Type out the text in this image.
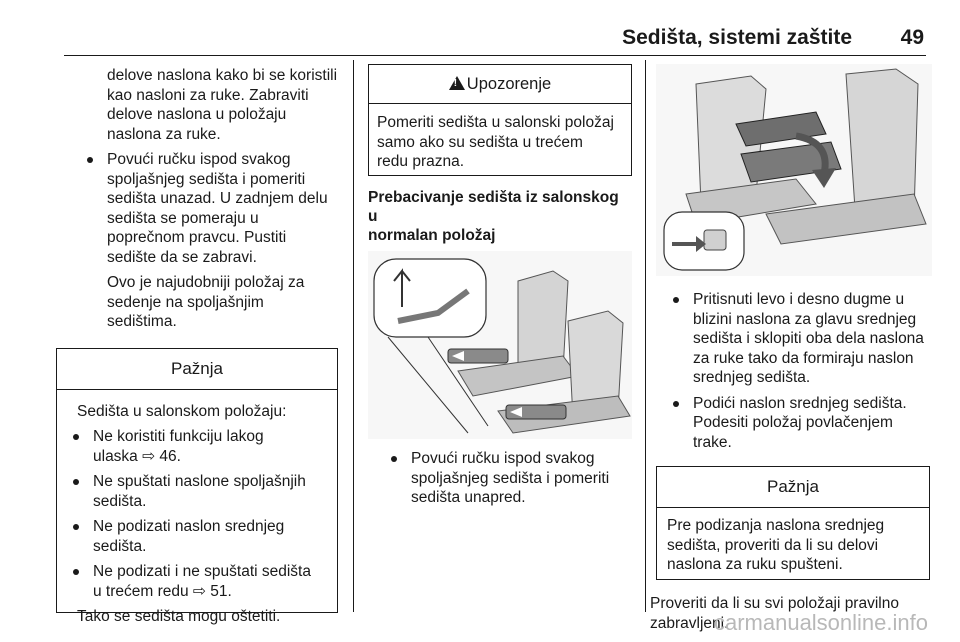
Sedišta, sistemi zaštite 49
delove naslona kako bi se koristili
kao nasloni za ruke. Zabraviti
delove naslona u položaju
naslona za ruke.
Povući ručku ispod svakog
spoljašnjeg sedišta i pomeriti
sedišta unazad. U zadnjem delu
sedišta se pomeraju u
poprečnom pravcu. Pustiti
sedište da se zabravi.
Ovo je najudobniji položaj za
sedenje na spoljašnjim
sedištima.
Pažnja
Sedišta u salonskom položaju:
Ne koristiti funkciju lakog
ulaska ⇨ 46.
Ne spuštati naslone spoljašnjih
sedišta.
Ne podizati naslon srednjeg
sedišta.
Ne podizati i ne spuštati sedišta
u trećem redu ⇨ 51.
Tako se sedišta mogu oštetiti.
!Upozorenje
Pomeriti sedišta u salonski položaj
samo ako su sedišta u trećem
redu prazna.
Prebacivanje sedišta iz salonskog u
normalan položaj
Povući ručku ispod svakog
spoljašnjeg sedišta i pomeriti
sedišta unapred.
Pritisnuti levo i desno dugme u
blizini naslona za glavu srednjeg
sedišta i sklopiti oba dela naslona
za ruke tako da formiraju naslon
srednjeg sedišta.
Podići naslon srednjeg sedišta.
Podesiti položaj povlačenjem
trake.
Pažnja
Pre podizanja naslona srednjeg
sedišta, proveriti da li su delovi
naslona za ruku spušteni.
Proveriti da li su svi položaji pravilno
zabravljeni.
carmanualsonline.info
